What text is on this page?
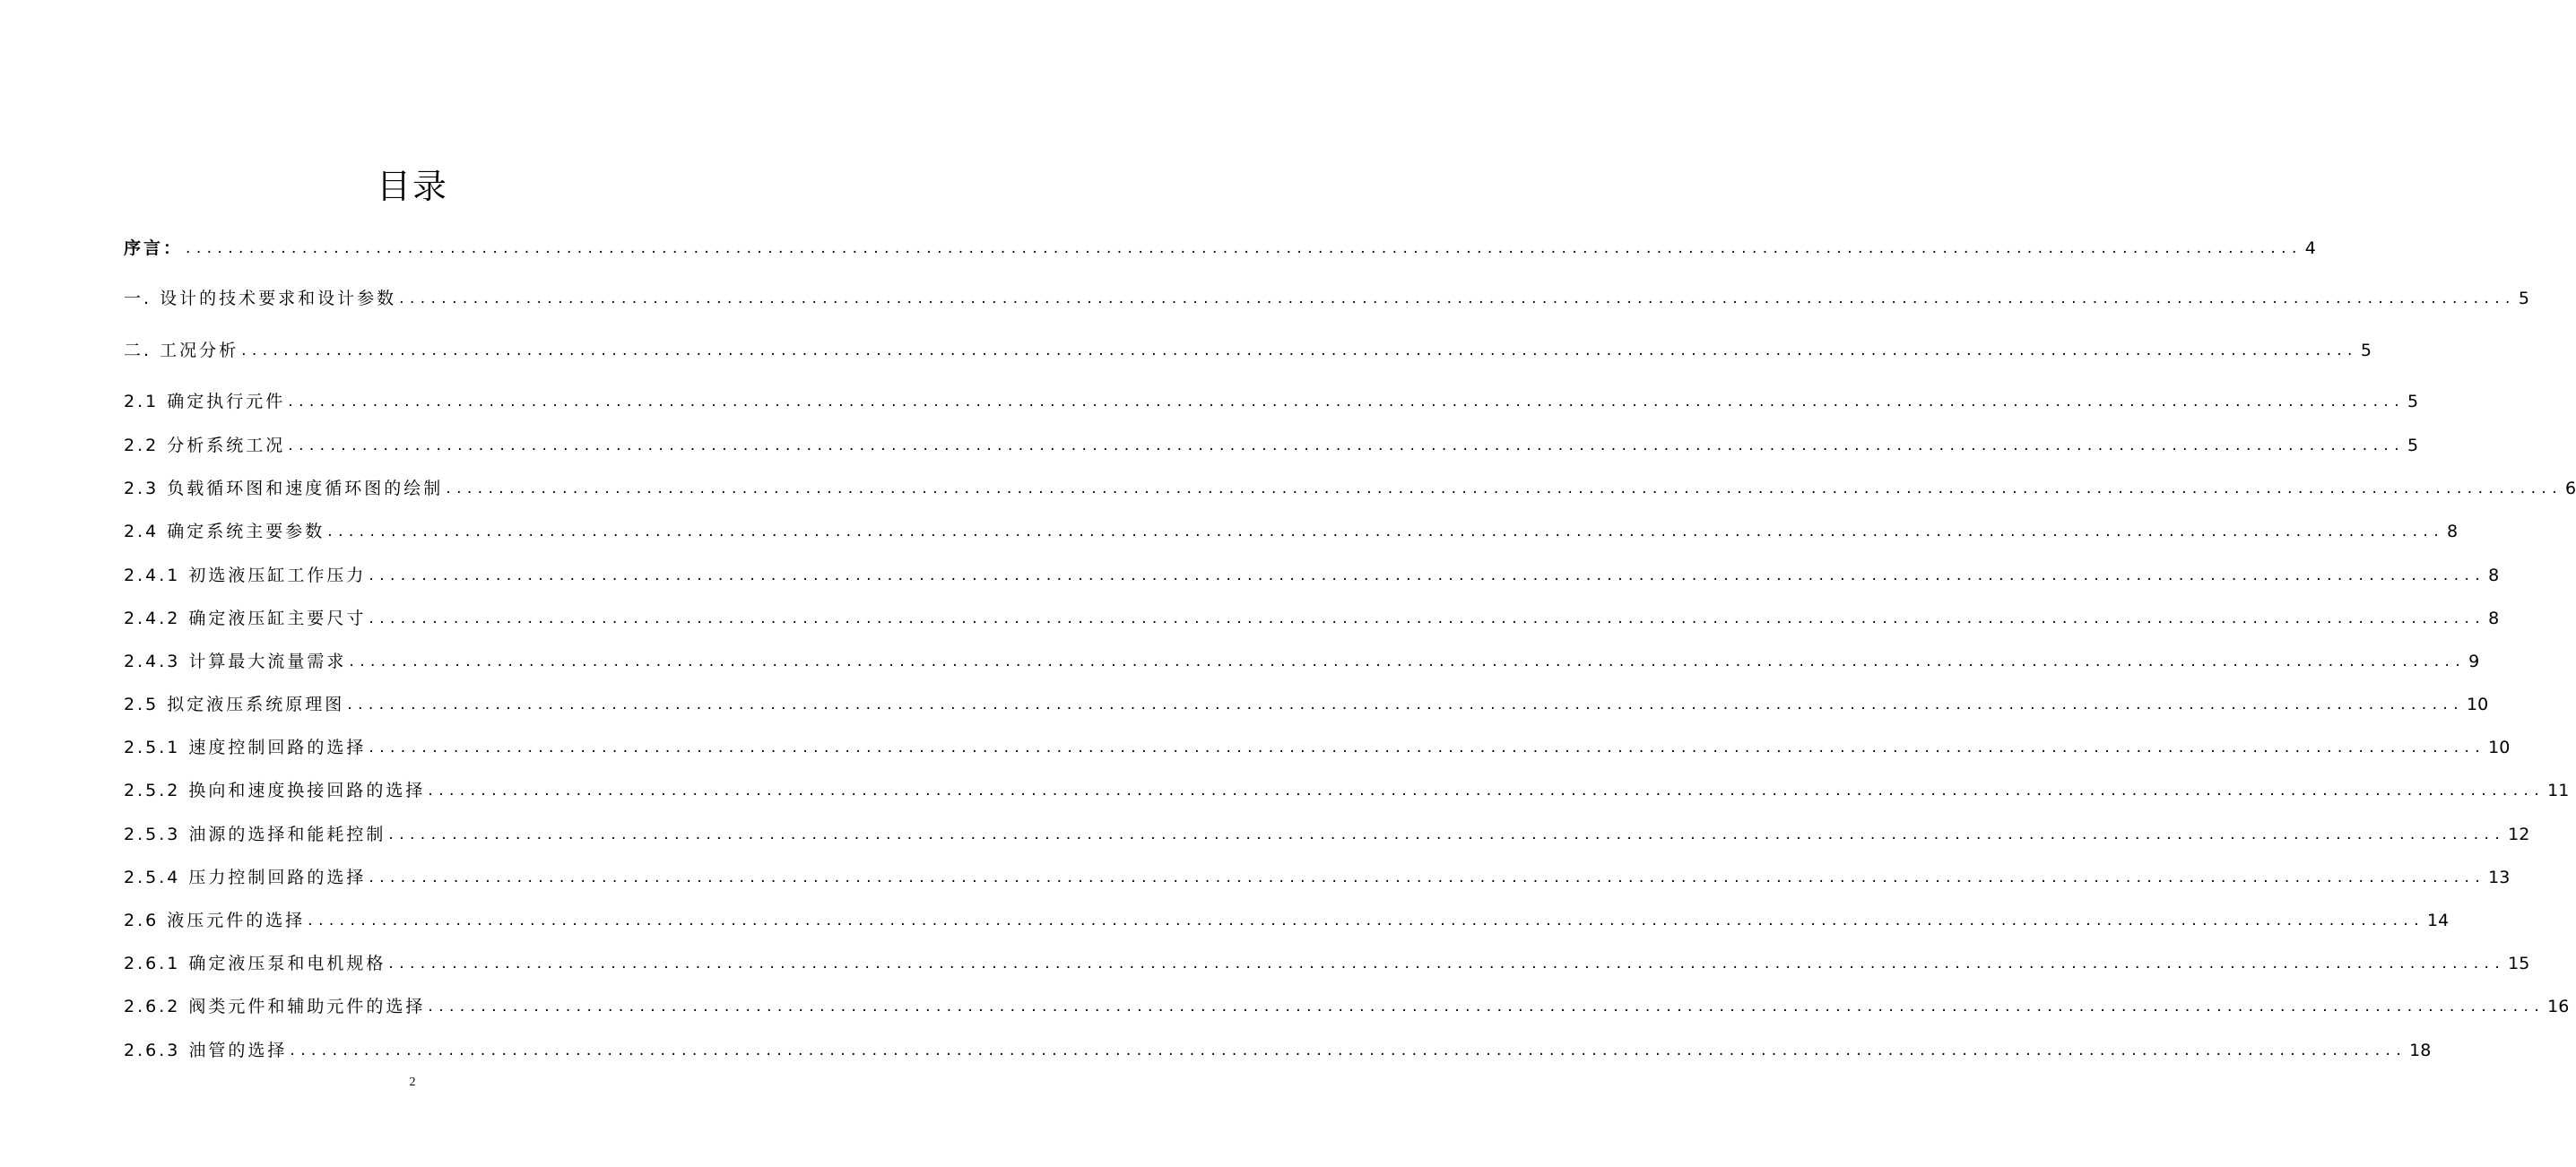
目录
序言： ........................................................................................................................................................................................................ 4
一. 设计的技术要求和设计参数 ........................................................................................................................................................................................................ 5
二. 工况分析 ........................................................................................................................................................................................................ 5
2.1 确定执行元件 ........................................................................................................................................................................................................ 5
2.2 分析系统工况 ........................................................................................................................................................................................................ 5
2.3 负载循环图和速度循环图的绘制 ........................................................................................................................................................................................................ 6
2.4 确定系统主要参数 ........................................................................................................................................................................................................ 8
2.4.1 初选液压缸工作压力 ........................................................................................................................................................................................................ 8
2.4.2 确定液压缸主要尺寸 ........................................................................................................................................................................................................ 8
2.4.3 计算最大流量需求 ........................................................................................................................................................................................................ 9
2.5 拟定液压系统原理图 ........................................................................................................................................................................................................ 10
2.5.1 速度控制回路的选择 ........................................................................................................................................................................................................ 10
2.5.2 换向和速度换接回路的选择 ........................................................................................................................................................................................................ 11
2.5.3 油源的选择和能耗控制 ........................................................................................................................................................................................................ 12
2.5.4 压力控制回路的选择 ........................................................................................................................................................................................................ 13
2.6 液压元件的选择 ........................................................................................................................................................................................................ 14
2.6.1 确定液压泵和电机规格 ........................................................................................................................................................................................................ 15
2.6.2 阀类元件和辅助元件的选择 ........................................................................................................................................................................................................ 16
2.6.3 油管的选择 ........................................................................................................................................................................................................ 18
2
